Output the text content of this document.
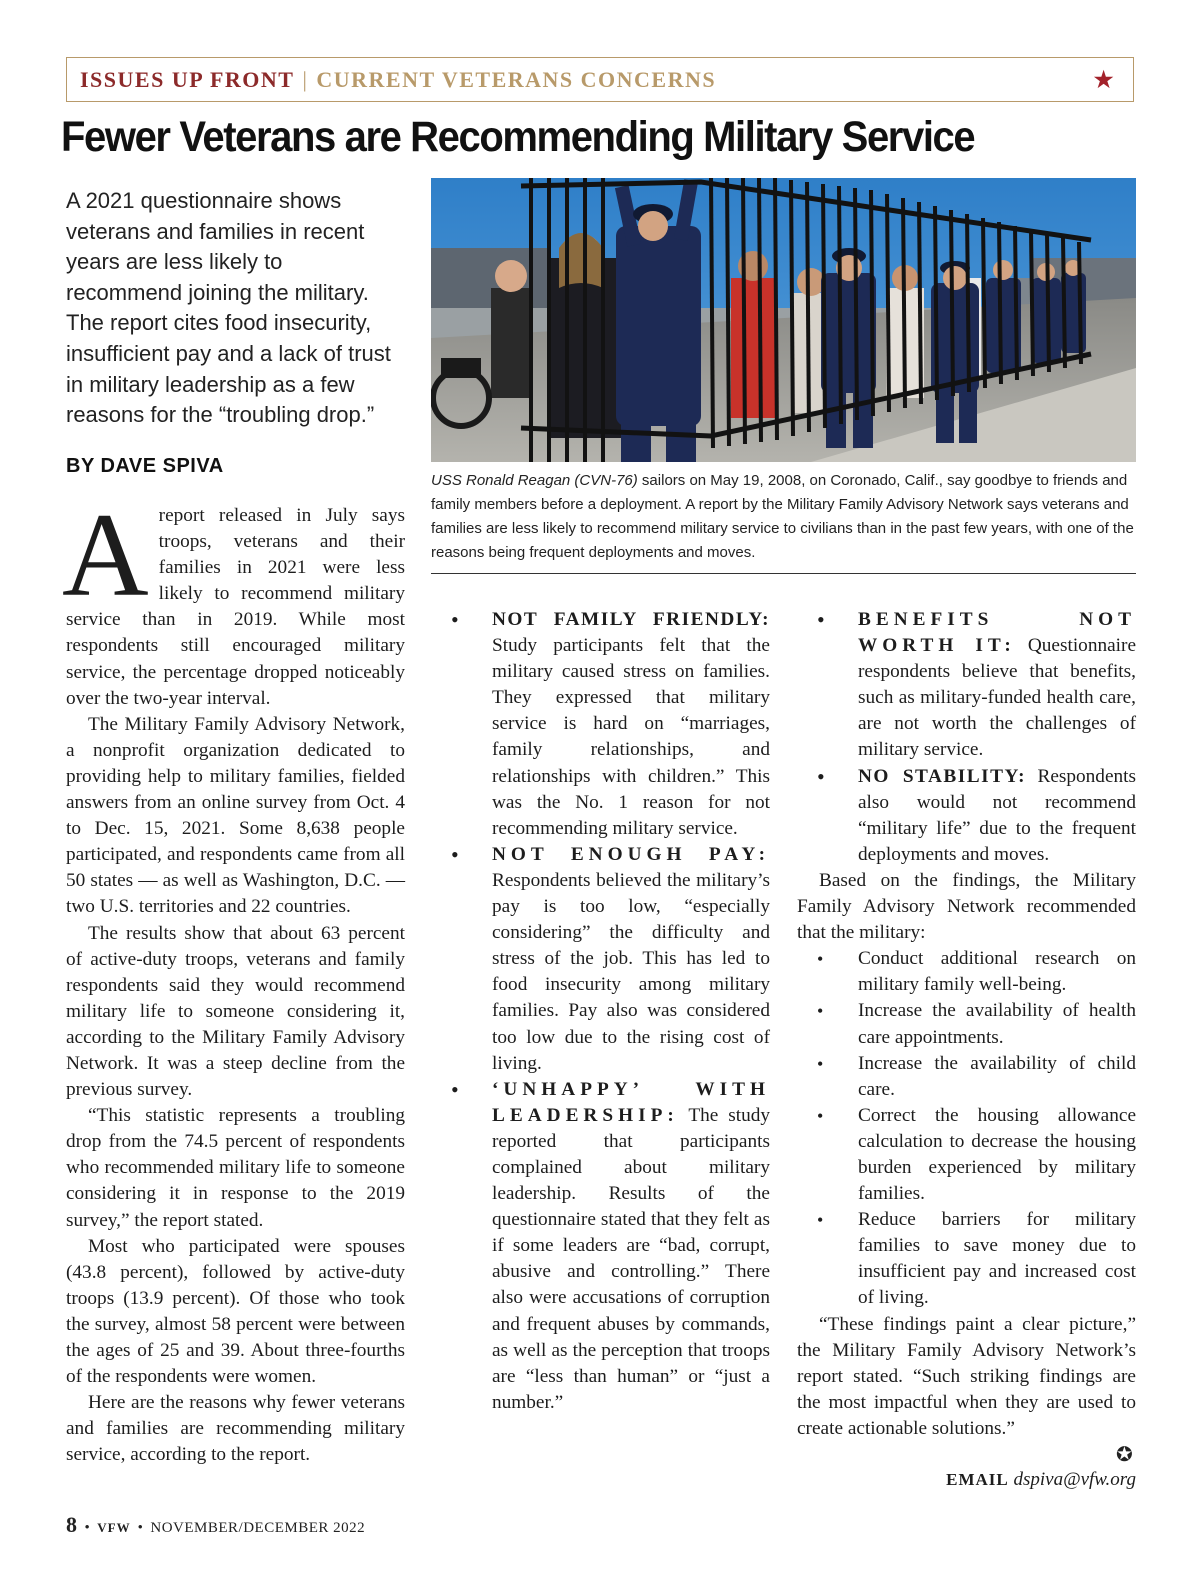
ISSUES UP FRONT | CURRENT VETERANS CONCERNS	★
Fewer Veterans are Recommending Military Service
A 2021 questionnaire shows veterans and families in recent years are less likely to recommend joining the military. The report cites food insecurity, insufficient pay and a lack of trust in military leadership as a few reasons for the “troubling drop.”
BY DAVE SPIVA
USS Ronald Reagan (CVN-76) sailors on May 19, 2008, on Coronado, Calif., say goodbye to friends and family members before a deployment. A report by the Military Family Advisory Network says veterans and families are less likely to recommend military service to civilians than in the past few years, with one of the reasons being frequent deployments and moves.

Areport released in July says troops, veterans and their families in 2021 were less likely to recommend military service than in 2019. While most respondents still encouraged military service, the percentage dropped noticeably over the two-year interval.

The Military Family Advisory Network, a nonprofit organization dedicated to providing help to military families, fielded answers from an online survey from Oct. 4 to Dec. 15, 2021. Some 8,638 people participated, and respondents came from all 50 states — as well as Washington, D.C. — two U.S. territories and 22 countries.

The results show that about 63 percent of active-duty troops, veterans and family respondents said they would recommend military life to someone considering it, according to the Military Family Advisory Network. It was a steep decline from the previous survey.

“This statistic represents a troubling drop from the 74.5 percent of respondents who recommended military life to someone considering it in response to the 2019 survey,” the report stated.

Most who participated were spouses (43.8 percent), followed by active-duty troops (13.9 percent). Of those who took the survey, almost 58 percent were between the ages of 25 and 39. About three-fourths of the respondents were women.

Here are the reasons why fewer veterans and families are recommending military service, according to the report.

• NOT FAMILY FRIENDLY: Study participants felt that the military caused stress on families. They expressed that military service is hard on “marriages, family relationships, and relationships with children.” This was the No. 1 reason for not recommending military service.
• NOT ENOUGH PAY: Respondents believed the military’s pay is too low, “especially considering” the difficulty and stress of the job. This has led to food insecurity among military families. Pay also was considered too low due to the rising cost of living.
• ‘UNHAPPY’ WITH LEADERSHIP: The study reported that participants complained about military leadership. Results of the questionnaire stated that they felt as if some leaders are “bad, corrupt, abusive and controlling.” There also were accusations of corruption and frequent abuses by commands, as well as the perception that troops are “less than human” or “just a number.”
• BENEFITS NOT WORTH IT: Questionnaire respondents believe that benefits, such as military-funded health care, are not worth the challenges of military service.
• NO STABILITY: Respondents also would not recommend “military life” due to the frequent deployments and moves.

Based on the findings, the Military Family Advisory Network recommended that the military:

• Conduct additional research on military family well-being.
• Increase the availability of health care appointments.
• Increase the availability of child care.
• Correct the housing allowance calculation to decrease the housing burden experienced by military families.
• Reduce barriers for military families to save money due to insufficient pay and increased cost of living.

“These findings paint a clear picture,” the Military Family Advisory Network’s report stated. “Such striking findings are the most impactful when they are used to create actionable solutions.”

✪
EMAIL dspiva@vfw.org
8 • VFW • NOVEMBER/DECEMBER 2022
